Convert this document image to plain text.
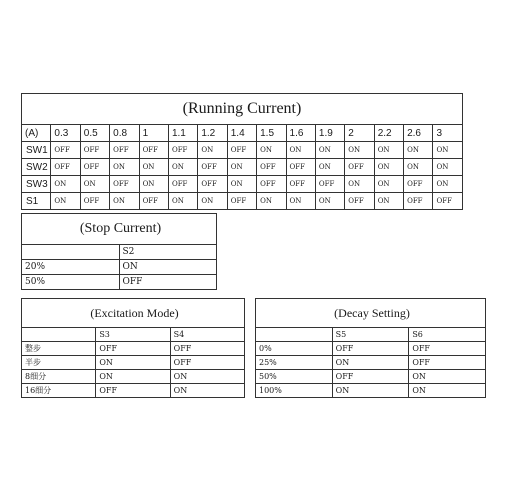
(Running Current)														
(A)	0.3	0.5	0.8	1	1.1	1.2	1.4	1.5	1.6	1.9	2	2.2	2.6	3
SW1	OFF	OFF	OFF	OFF	OFF	ON	OFF	ON	ON	ON	ON	ON	ON	ON
SW2	OFF	OFF	ON	ON	ON	OFF	ON	OFF	OFF	ON	OFF	ON	ON	ON
SW3	ON	ON	OFF	ON	OFF	OFF	ON	OFF	OFF	OFF	ON	ON	OFF	ON
S1	ON	OFF	ON	OFF	ON	ON	OFF	ON	ON	ON	OFF	ON	OFF	OFF
(Stop Current)	
	S2
20%	ON
50%	OFF
(Excitation Mode)		
	S3	S4
整步	OFF	OFF
半步	ON	OFF
8细分	ON	ON
16细分	OFF	ON
(Decay Setting)		
	S5	S6
0%	OFF	OFF
25%	ON	OFF
50%	OFF	ON
100%	ON	ON
